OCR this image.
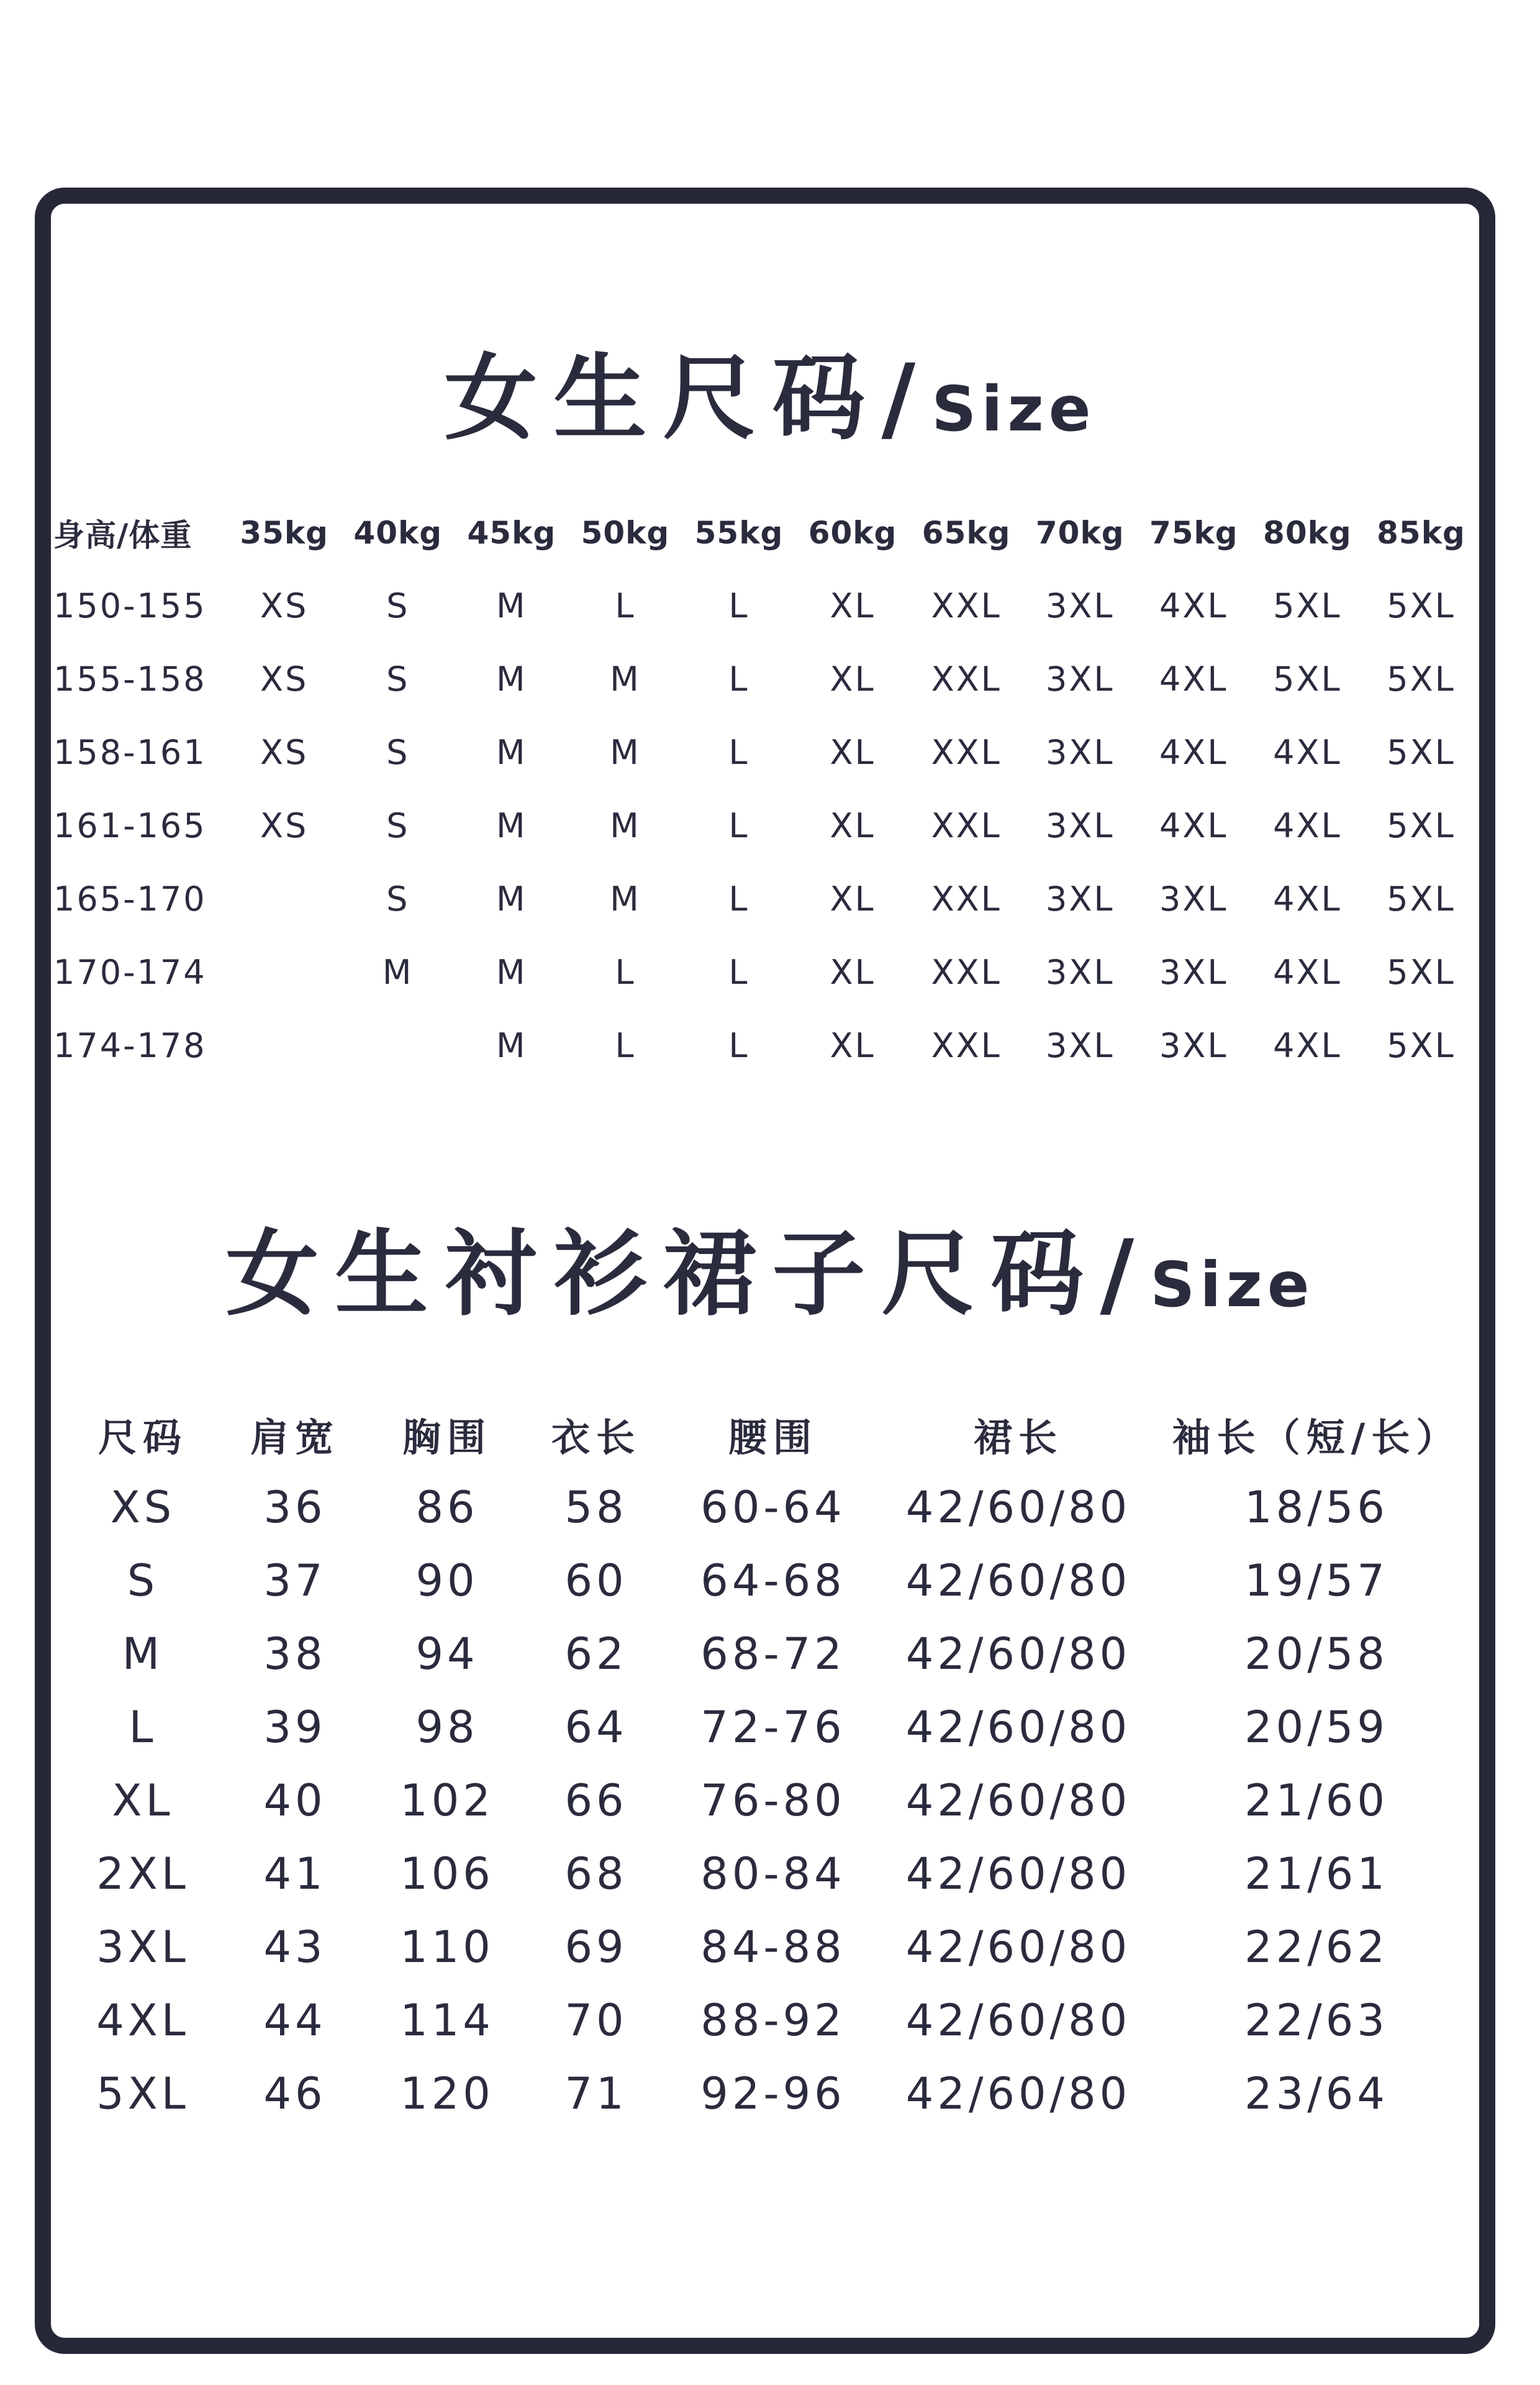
女生尺码/Size
身高/体重	35kg	40kg	45kg	50kg	55kg	60kg	65kg	70kg	75kg	80kg	85kg
150-155	XS	S	M	L	L	XL	XXL	3XL	4XL	5XL	5XL
155-158	XS	S	M	M	L	XL	XXL	3XL	4XL	5XL	5XL
158-161	XS	S	M	M	L	XL	XXL	3XL	4XL	4XL	5XL
161-165	XS	S	M	M	L	XL	XXL	3XL	4XL	4XL	5XL
165-170		S	M	M	L	XL	XXL	3XL	3XL	4XL	5XL
170-174		M	M	L	L	XL	XXL	3XL	3XL	4XL	5XL
174-178			M	L	L	XL	XXL	3XL	3XL	4XL	5XL
女生衬衫裙子尺码/Size
尺码	肩宽	胸围	衣长	腰围	裙长	袖长（短/长）
XS	36	86	58	60-64	42/60/80	18/56
S	37	90	60	64-68	42/60/80	19/57
M	38	94	62	68-72	42/60/80	20/58
L	39	98	64	72-76	42/60/80	20/59
XL	40	102	66	76-80	42/60/80	21/60
2XL	41	106	68	80-84	42/60/80	21/61
3XL	43	110	69	84-88	42/60/80	22/62
4XL	44	114	70	88-92	42/60/80	22/63
5XL	46	120	71	92-96	42/60/80	23/64
